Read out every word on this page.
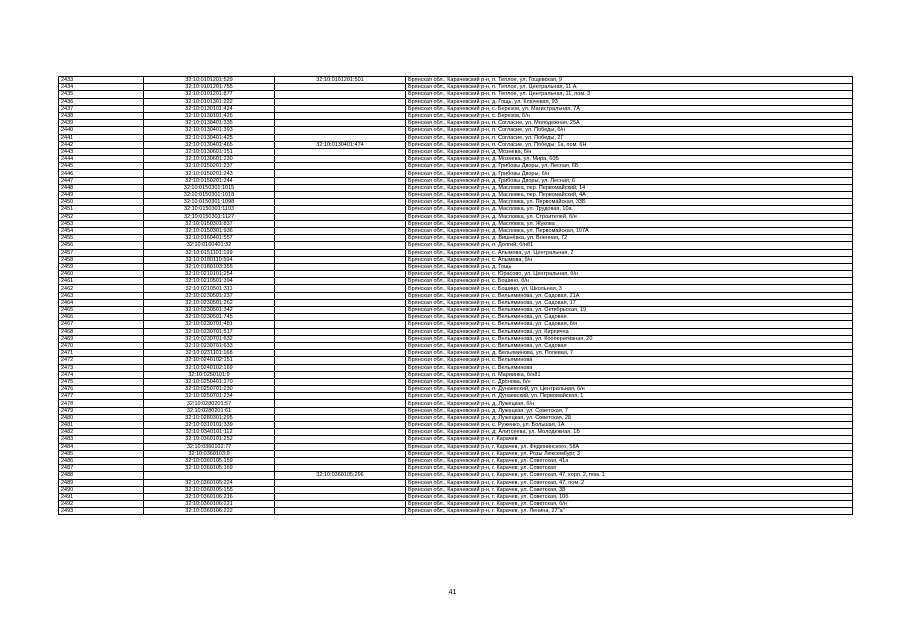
2433	32:10:0101201:529	32:10:0101201:501	Брянская обл., Карачевский р-н, п. Теплое, ул. Гощевская, 9
2434	32:10:0101201:755		Брянская обл., Карачевский р-н, п. Теплое, ул. Центральная, 11 А
2435	32:10:0101201:877		Брянская обл., Карачевский р-н, п. Теплое, ул. Центральная, 11, пом. 3
2436	32:10:0101301:222		Брянская обл., Карачевский р-н, д. Гощь, ул. Ключевая, 93
2437	32:10:0130101:424		Брянская обл., Карачевский р-н, с. Березов, ул. Магистральная, 7А
2438	32:10:0130101:426		Брянская обл., Карачевский р-н, с. Березов, б/н
2439	32:10:0130401:335		Брянская обл., Карачевский р-н, п. Согласие, ул. Молодежная, 25А
2440	32:10:0130401:393		Брянская обл., Карачевский р-н, п. Согласие, ул. Победы, б/н
2441	32:10:0130401:425		Брянская обл., Карачевский р-н, п. Согласие, ул. Победы, 2Г
2442	32:10:0130401:465	32:10:0130401:474	Брянская обл., Карачевский р-н, п. Согласие, ул. Победы, 1а, пом. 6Н
2443	32:10:0130601:151		Брянская обл., Карачевский р-н, д. Мознева, б/н
2444	32:10:0130601:230		Брянская обл., Карачевский р-н, д. Мознева, ул. Мира, 60Б
2445	32:10:0150201:237		Брянская обл., Карачевский р-н, д. Грибовы Дворы, ул. Лесная, 6Б
2446	32:10:0150201:243		Брянская обл., Карачевский р-н, д. Грибовы Дворы, б/н
2447	32:10:0150201:244		Брянская обл., Карачевский р-н, д. Грибовы Дворы, ул. Лесная, 6
2448	32:10:0150301:1015		Брянская обл., Карачевский р-н, д. Масловка, пер. Первомайский, 14
2449	32:10:0150301:1018		Брянская обл., Карачевский р-н, д. Масловка, пер. Первомайский, 4А
2450	32:10:0150301:1098		Брянская обл., Карачевский р-н, д. Масловка, ул. Первомайская, 33Б
2451	32:10:0150301:1103		Брянская обл., Карачевский р-н, д. Масловка, ул. Трудовая, 10а
2452	32:10:0150301:1127		Брянская обл., Карачевский р-н, д. Масловка, ул. Строителей, б/н
2453	32:10:0150301:837		Брянская обл., Карачевский р-н, д. Масловка, ул. Жукова
2454	32:10:0150301:936		Брянская обл., Карачевский р-н, д. Масловка, ул. Первомайская, 107А
2455	32:10:0160401:557		Брянская обл., Карачевский р-н, д. Вишнёвка, ул. Военная, 72
2456	32:10:0160401:32		Брянская обл., Карачевский р-н, п. Долгий, б/н81
2457	32:10:0151101:199		Брянская обл., Карачевский р-н, с. Алымова, ул. Центральная, 2
2458	32:10:0180110:594		Брянская обл., Карачевский р-н, с. Алымова, б/н
2459	32:10:0180103:355		Брянская обл., Карачевский р-н, д. Гощь
2460	32:10:0210101:254		Брянская обл., Карачевский р-н, с. Юрасово, ул. Центральная, б/н
2461	32:10:0210501:394		Брянская обл., Карачевский р-н, с. Бошино, б/н
2462	32:10:0210501:311		Брянская обл., Карачевский р-н, с. Бошино, ул. Школьная, 3
2463	32:10:0230501:237		Брянская обл., Карачевский р-н, с. Вельяминова, ул. Садовая, 21А
2464	32:10:0230501:262		Брянская обл., Карачевский р-н, с. Вельяминова, ул. Садовая, 17
2465	32:10:0230501:342		Брянская обл., Карачевский р-н, с. Вельяминова, ул. Октябрьская, 19
2466	32:10:0230501:745		Брянская обл., Карачевский р-н, с. Вельяминова, ул. Садовая
2467	32:10:0230701:481		Брянская обл., Карачевский р-н, с. Вельяминова, ул. Садовая, б/н
2468	32:10:0230701:517		Брянская обл., Карачевский р-н, с. Вельяминова, ул. Кирпична
2469	32:10:0230701:632		Брянская обл., Карачевский р-н, с. Вельяминова, ул. Кооперативная, 20
2470	32:10:0230701:633		Брянская обл., Карачевский р-н, с. Вельяминова, ул. Садовая
2471	32:10:0231101:168		Брянская обл., Карачевский р-н, д. Вельяминова, ул. Полевая, 7
2472	32:10:0240102:151		Брянская обл., Карачевский р-н, с. Вельяминова
2473	32:10:0240102:169		Брянская обл., Карачевский р-н, с. Вельяминова
2474	32:10:0250101:9		Брянская обл., Карачевский р-н, п. Мариинка, б/н81
2475	32:10:0250401:170		Брянская обл., Карачевский р-н, с. Дронова, б/н
2476	32:10:0250701:230		Брянская обл., Карачевский р-н, п. Дунаевский, ул. Центральная, б/н
2477	32:10:0250701:234		Брянская обл., Карачевский р-н, п. Дунаевский, ул. Первомайская, 1
2478	32:10:0280201:57		Брянская обл., Карачевский р-н, д. Лужецкая, б/н
2479	32:10:0280201:61		Брянская обл., Карачевский р-н, д. Лужецкая, ул. Советская, 7
2480	32:10:0280301:295		Брянская обл., Карачевский р-н, д. Лужецкая, ул. Советская, 28
2481	32:10:0310101:339		Брянская обл., Карачевский р-н, с. Руженко, ул. Большая, 1А
2482	32:10:0340101:112		Брянская обл., Карачевский р-н, д. Алитсеева, ул. Молодежная, 1Б
2483	32:10:0360101:252		Брянская обл., Карачевский р-н, г. Карачев
2484	32:10:0360102:77		Брянская обл., Карачевский р-н, г. Карачев, ул. Федюнинского, 58А
2485	32:10:0360103:9		Брянская обл., Карачевский р-н, г. Карачев, ул. Розы Люксембург, 3
2486	32:10:0360105:159		Брянская обл., Карачевский р-н, г. Карачев, ул. Советская, 41а
2487	32:10:0360105:169		Брянская обл., Карачевский р-н, г. Карачев, ул. Советская
2488		32:10:0360105:296	Брянская обл., Карачевский р-н, г. Карачев, ул. Советская, 47, корп. 2, пом. 1
2489	32:10:0360105:224		Брянская обл., Карачевский р-н, г. Карачев, ул. Советская, 47, пом. 2
2490	32:10:0360105:155		Брянская обл., Карачевский р-н, г. Карачев, ул. Советская, 38
2491	32:10:0360106:216		Брянская обл., Карачевский р-н, г. Карачев, ул. Советская, 10б
2492	32:10:0360106:221		Брянская обл., Карачевский р-н, г. Карачев, ул. Советская, б/н
2493	32:10:0360106:222		Брянская обл., Карачевский р-н, г. Карачев, ул. Ленина, 27"а"
41
